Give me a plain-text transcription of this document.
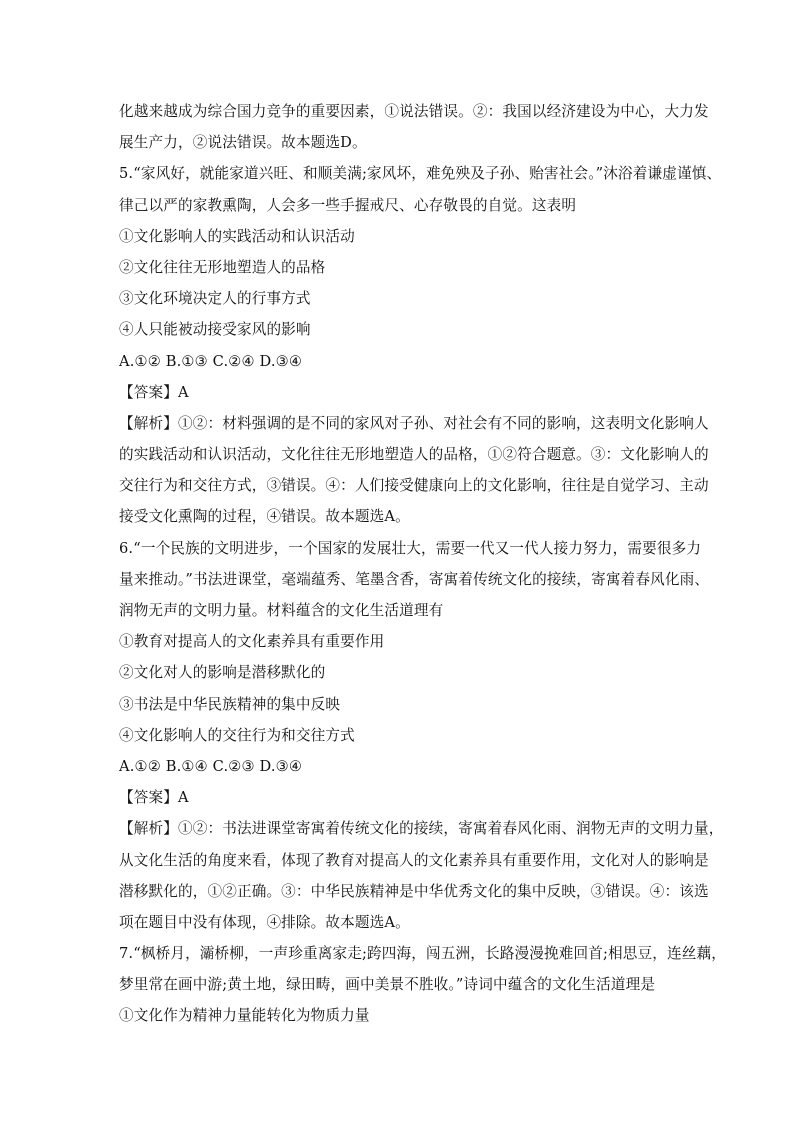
化越来越成为综合国力竞争的重要因素，①说法错误。②：我国以经济建设为中心，大力发
展生产力，②说法错误。故本题选D。
5.“家风好，就能家道兴旺、和顺美满;家风坏，难免殃及子孙、贻害社会。”沐浴着谦虚谨慎、
律己以严的家教熏陶，人会多一些手握戒尺、心存敬畏的自觉。这表明
①文化影响人的实践活动和认识活动
②文化往往无形地塑造人的品格
③文化环境决定人的行事方式
④人只能被动接受家风的影响
A.①② B.①③ C.②④ D.③④
【答案】A
【解析】①②：材料强调的是不同的家风对子孙、对社会有不同的影响，这表明文化影响人
的实践活动和认识活动，文化往往无形地塑造人的品格，①②符合题意。③：文化影响人的
交往行为和交往方式，③错误。④：人们接受健康向上的文化影响，往往是自觉学习、主动
接受文化熏陶的过程，④错误。故本题选A。
6.“一个民族的文明进步，一个国家的发展壮大，需要一代又一代人接力努力，需要很多力
量来推动。”书法进课堂，毫端蕴秀、笔墨含香，寄寓着传统文化的接续，寄寓着春风化雨、
润物无声的文明力量。材料蕴含的文化生活道理有
①教育对提高人的文化素养具有重要作用
②文化对人的影响是潜移默化的
③书法是中华民族精神的集中反映
④文化影响人的交往行为和交往方式
A.①② B.①④ C.②③ D.③④
【答案】A
【解析】①②：书法进课堂寄寓着传统文化的接续，寄寓着春风化雨、润物无声的文明力量，
从文化生活的角度来看，体现了教育对提高人的文化素养具有重要作用，文化对人的影响是
潜移默化的，①②正确。③：中华民族精神是中华优秀文化的集中反映，③错误。④：该选
项在题目中没有体现，④排除。故本题选A。
7.“枫桥月，灞桥柳，一声珍重离家走;跨四海，闯五洲，长路漫漫挽难回首;相思豆，连丝藕，
梦里常在画中游;黄土地，绿田畴，画中美景不胜收。”诗词中蕴含的文化生活道理是
①文化作为精神力量能转化为物质力量
